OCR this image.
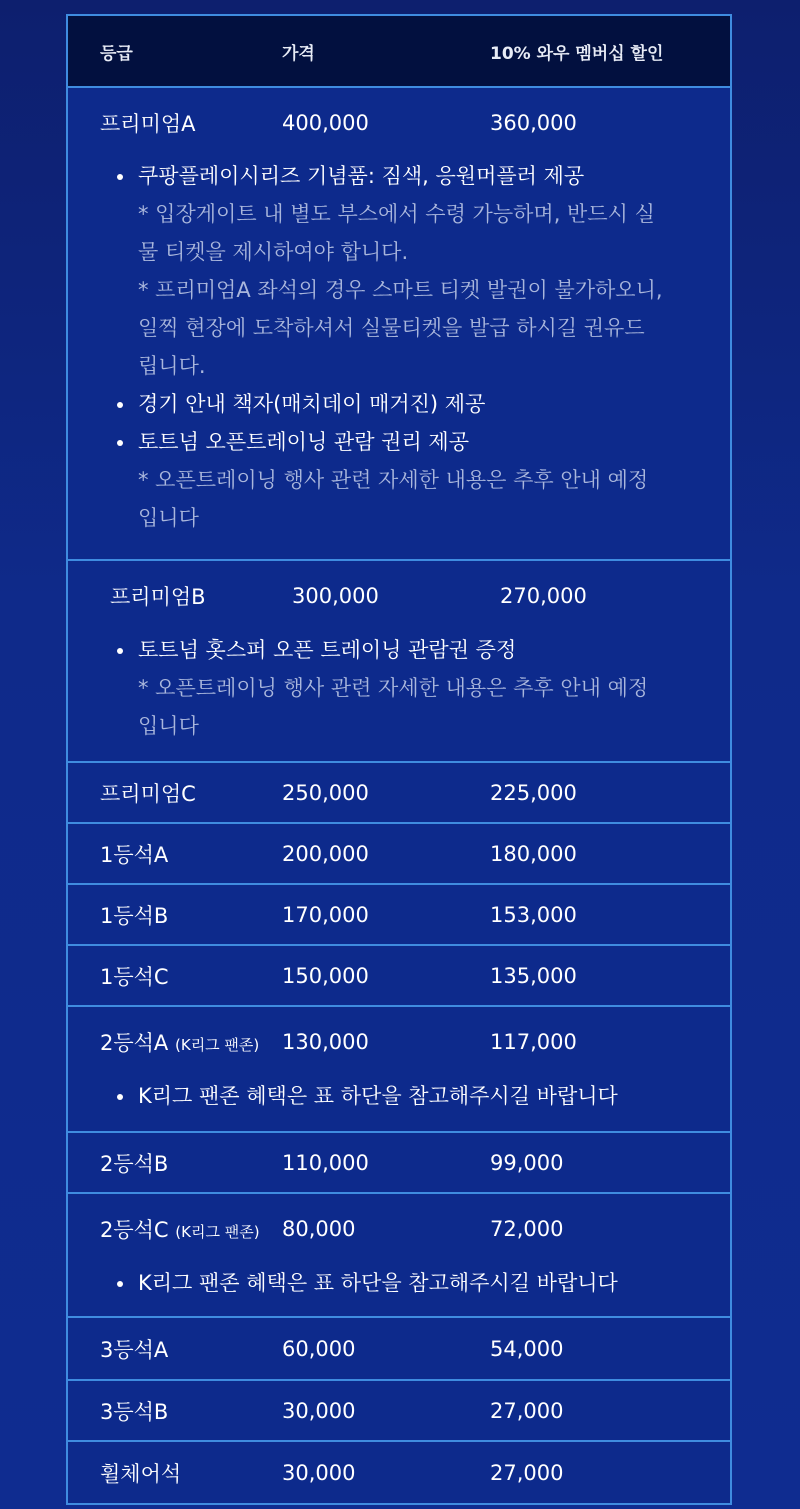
등급	가격	10% 와우 멤버십 할인
프리미엄A	400,000	360,000
쿠팡플레이시리즈 기념품: 짐색, 응원머플러 제공
* 입장게이트 내 별도 부스에서 수령 가능하며, 반드시 실
물 티켓을 제시하여야 합니다.
* 프리미엄A 좌석의 경우 스마트 티켓 발권이 불가하오니,
일찍 현장에 도착하셔서 실물티켓을 발급 하시길 권유드
립니다.
경기 안내 책자(매치데이 매거진) 제공
토트넘 오픈트레이닝 관람 권리 제공
* 오픈트레이닝 행사 관련 자세한 내용은 추후 안내 예정
입니다
프리미엄B	300,000	270,000
토트넘 홋스퍼 오픈 트레이닝 관람권 증정
* 오픈트레이닝 행사 관련 자세한 내용은 추후 안내 예정
입니다
프리미엄C	250,000	225,000
1등석A	200,000	180,000
1등석B	170,000	153,000
1등석C	150,000	135,000
2등석A (K리그 팬존)	130,000	117,000
K리그 팬존 혜택은 표 하단을 참고해주시길 바랍니다
2등석B	110,000	99,000
2등석C (K리그 팬존)	80,000	72,000
K리그 팬존 혜택은 표 하단을 참고해주시길 바랍니다
3등석A	60,000	54,000
3등석B	30,000	27,000
휠체어석	30,000	27,000
